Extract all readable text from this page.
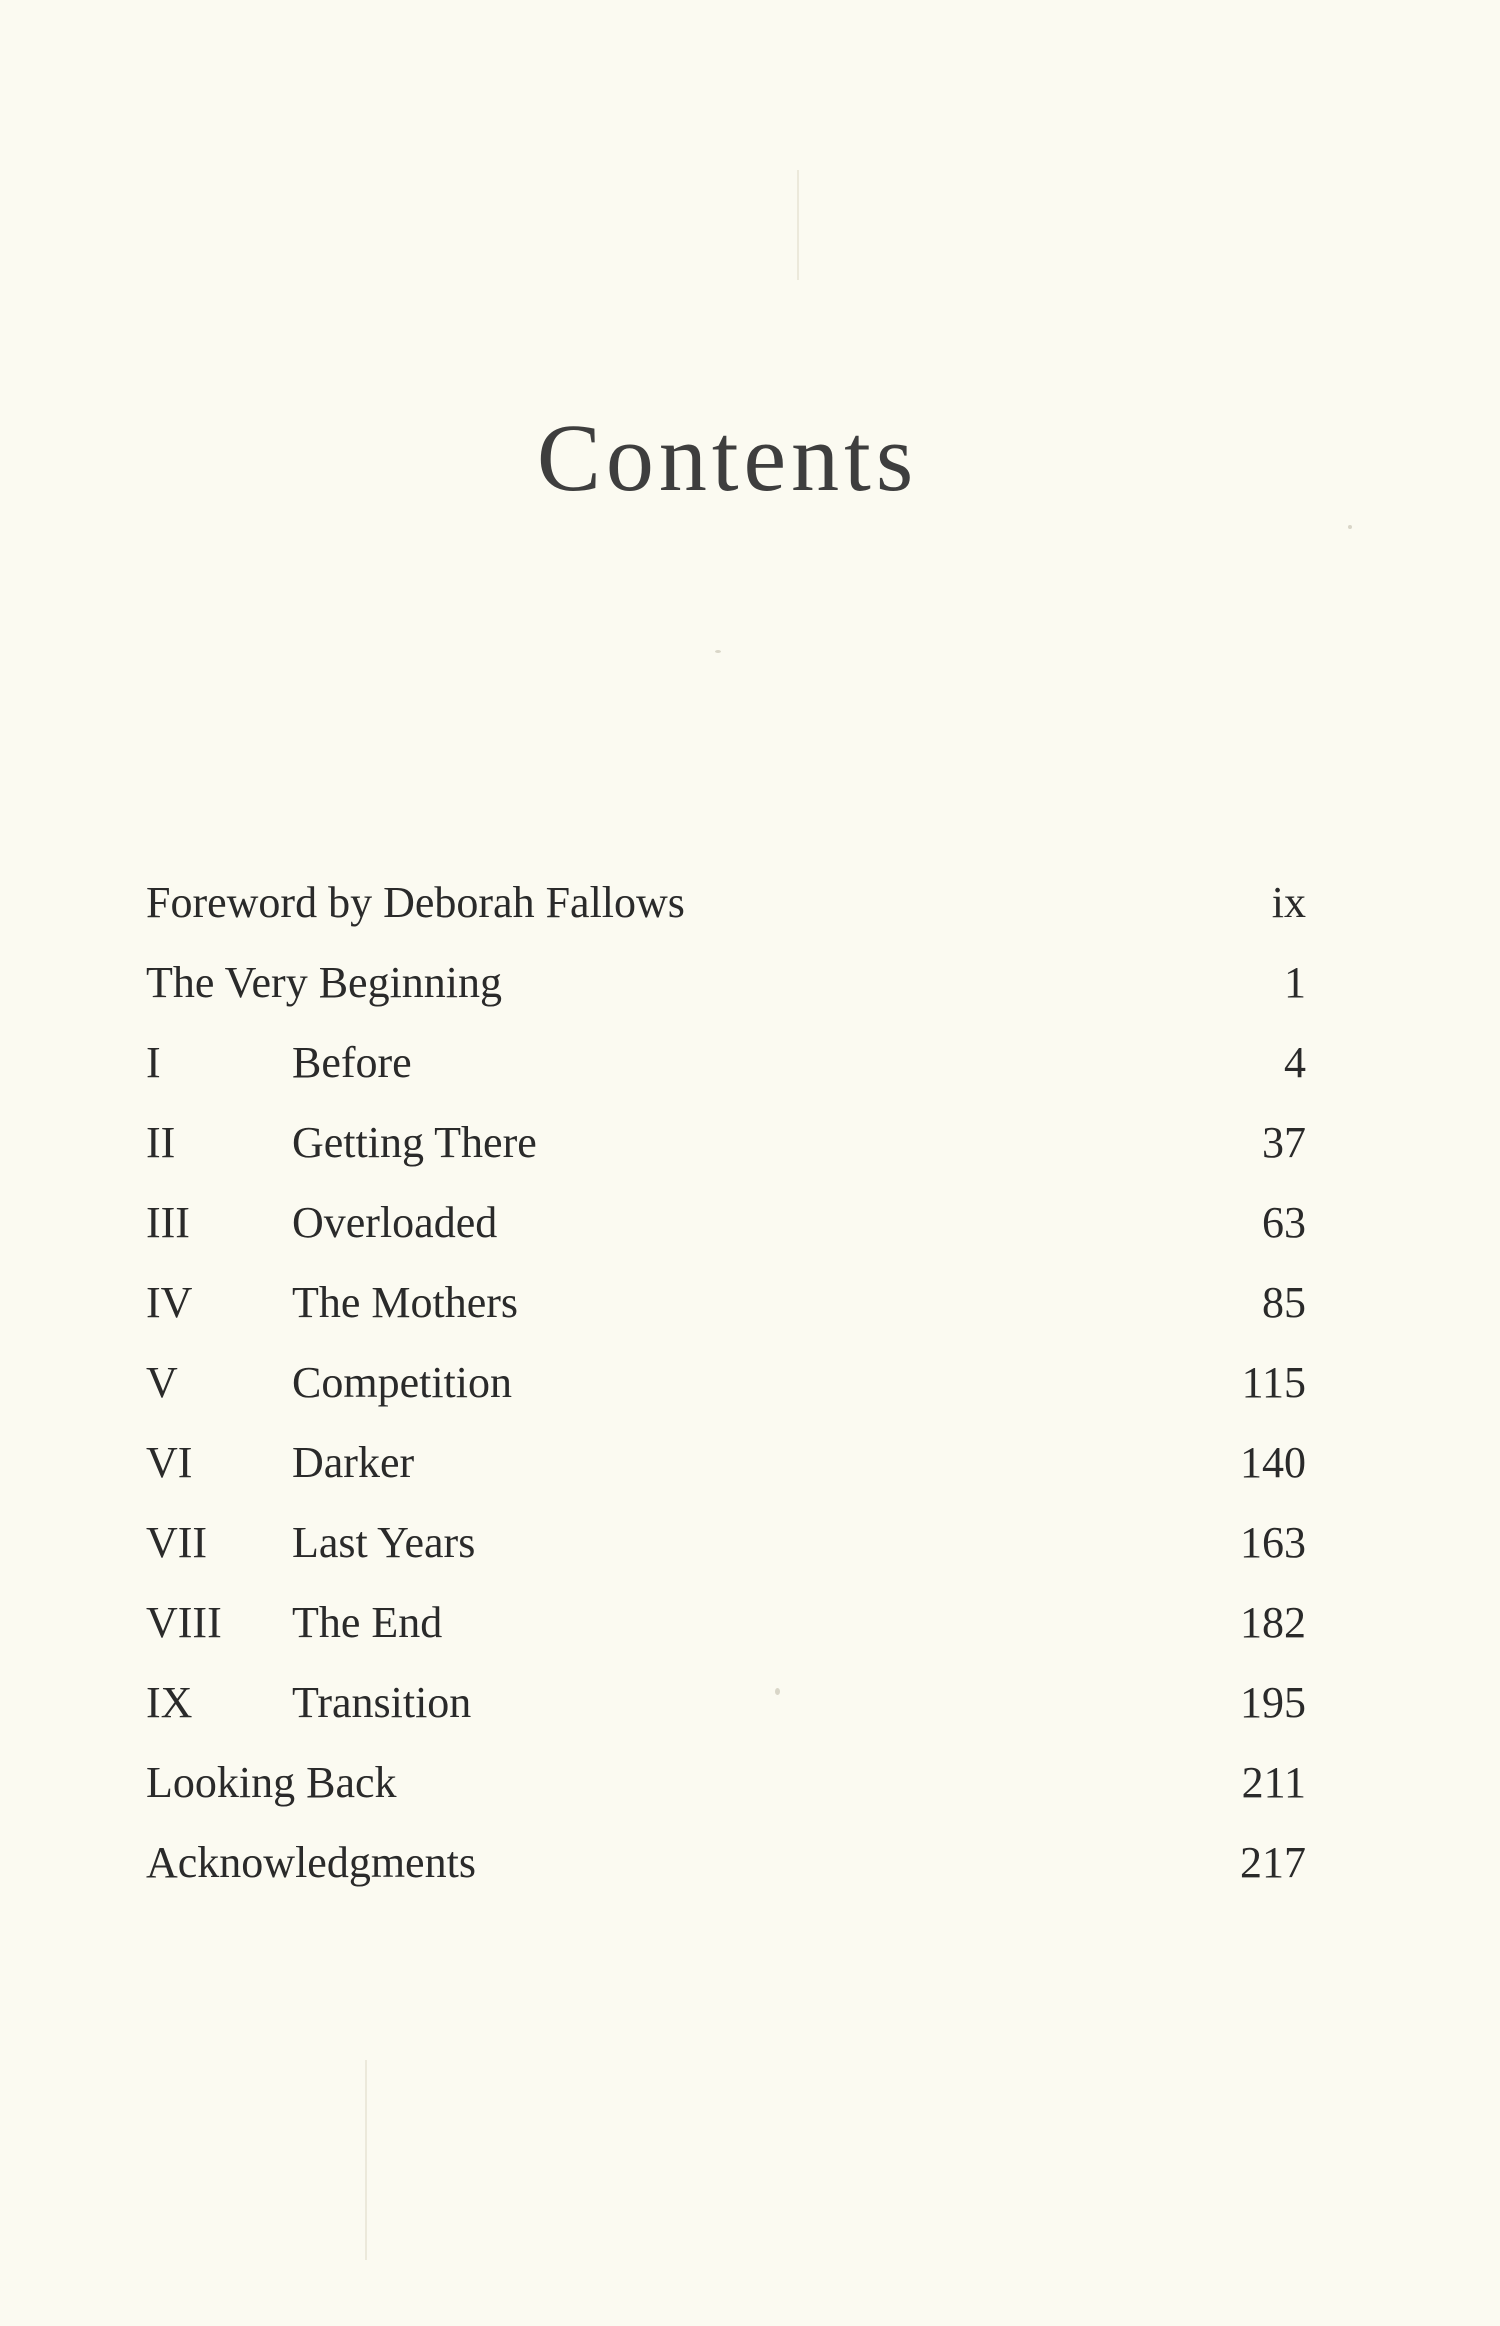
Contents
Foreword by Deborah Fallows	ix
The Very Beginning	1
I	Before	4
II	Getting There	37
III Overloaded	63
IV The Mothers	85
V	Competition	115
VI Darker	140
VII Last Years	163
VIII The End	182
IX Transition	195
Looking Back	211
Acknowledgments	217
